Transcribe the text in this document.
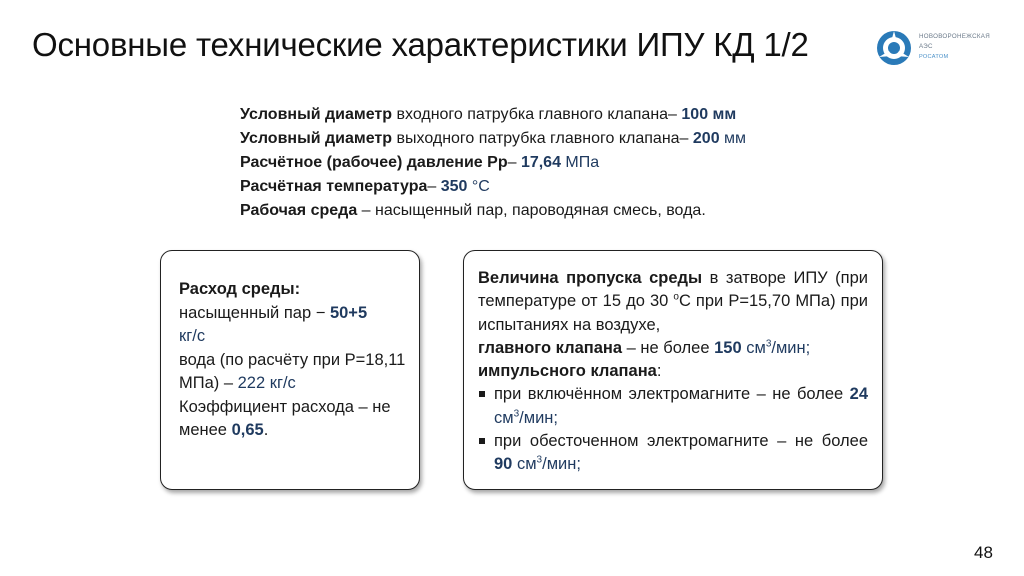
Основные технические характеристики ИПУ КД 1/2	НОВОВОРОНЕЖСКАЯ
АЭС
РОСАТОМ
Условный диаметр входного патрубка главного клапана– 100 мм
Условный диаметр выходного патрубка главного клапана– 200 мм
Расчётное (рабочее) давление Рр– 17,64 МПа
Расчётная температура– 350 °С
Рабочая среда – насыщенный пар, пароводяная смесь, вода.
Расход среды:
насыщенный пар − 50+5
кг/с
вода (по расчёту при Р=18,11 МПа) – 222 кг/с
Коэффициент расхода – не менее 0,65.

Величина пропуска среды в затворе ИПУ (при температуре от 15 до 30 $^о$С при Р=15,70 МПа) при испытаниях на воздухе,

главного клапана – не более 150 $см^3$/мин;

импульсного клапана:

при включённом электромагните – не более 24 $см^3$/мин;
при обесточенном электромагните – не более 90 $см^3$/мин;
48
